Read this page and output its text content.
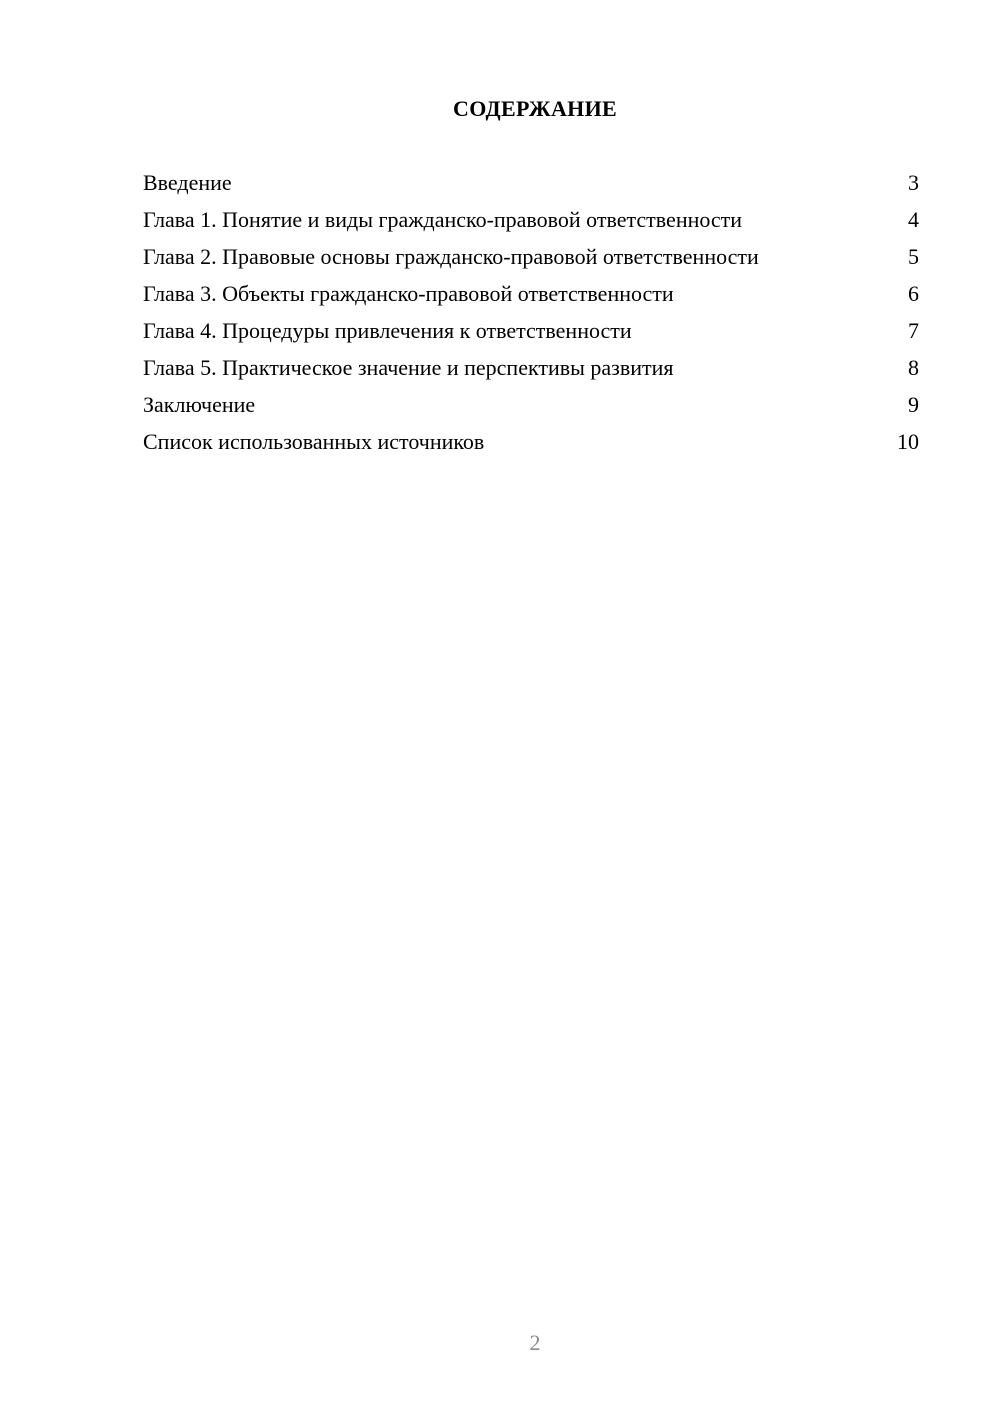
СОДЕРЖАНИЕ
Введение	3
Глава 1. Понятие и виды гражданско-правовой ответственности	4
Глава 2. Правовые основы гражданско-правовой ответственности	5
Глава 3. Объекты гражданско-правовой ответственности	6
Глава 4. Процедуры привлечения к ответственности	7
Глава 5. Практическое значение и перспективы развития	8
Заключение	9
Список использованных источников	10
2
